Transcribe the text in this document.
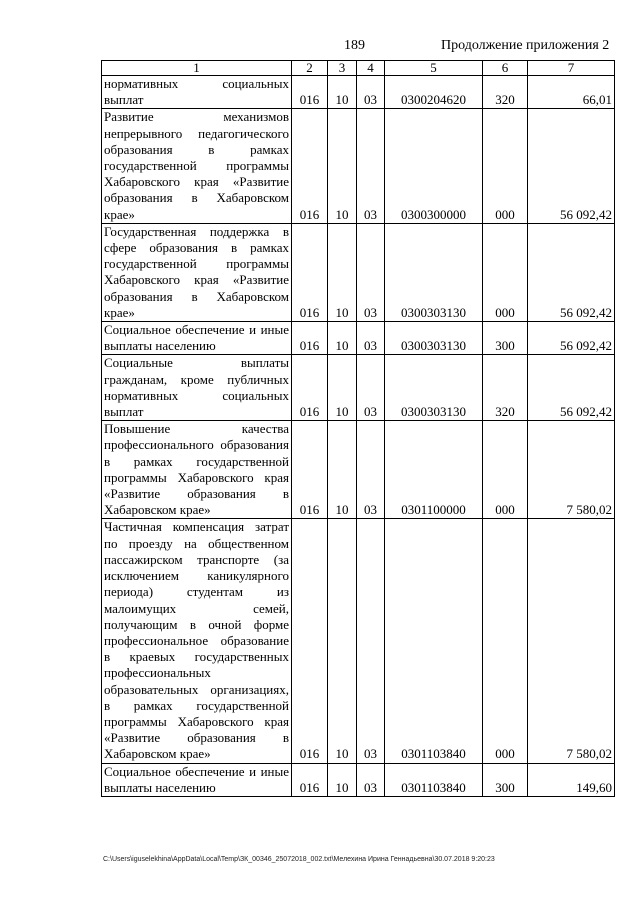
189	Продолжение приложения 2
1	2	3	4	5	6	7
нормативных социальных выплат	016	10	03	0300204620	320	66,01
Развитие механизмов непрерывного педагогического образования в рамках государственной программы Хабаровского края «Развитие образования в Хабаровском крае»	016	10	03	0300300000	000	56 092,42
Государственная поддержка в сфере образования в рамках государственной программы Хабаровского края «Развитие образования в Хабаровском крае»	016	10	03	0300303130	000	56 092,42
Социальное обеспечение и иные выплаты населению	016	10	03	0300303130	300	56 092,42
Социальные выплаты гражданам, кроме публичных нормативных социальных выплат	016	10	03	0300303130	320	56 092,42
Повышение качества профессионального образования в рамках государственной программы Хабаровского края «Развитие образования в Хабаровском крае»	016	10	03	0301100000	000	7 580,02
Частичная компенсация затрат по проезду на общественном пассажирском транспорте (за исключением каникулярного периода) студентам из малоимущих семей, получающим в очной форме профессиональное образование в краевых государственных профессиональных образовательных организациях, в рамках государственной программы Хабаровского края «Развитие образования в Хабаровском крае»	016	10	03	0301103840	000	7 580,02
Социальное обеспечение и иные выплаты населению	016	10	03	0301103840	300	149,60
C:\Users\iguselekhina\AppData\Local\Temp\ЗК_00346_25072018_002.txt\Мелехина Ирина Геннадьевна\30.07.2018 9:20:23
